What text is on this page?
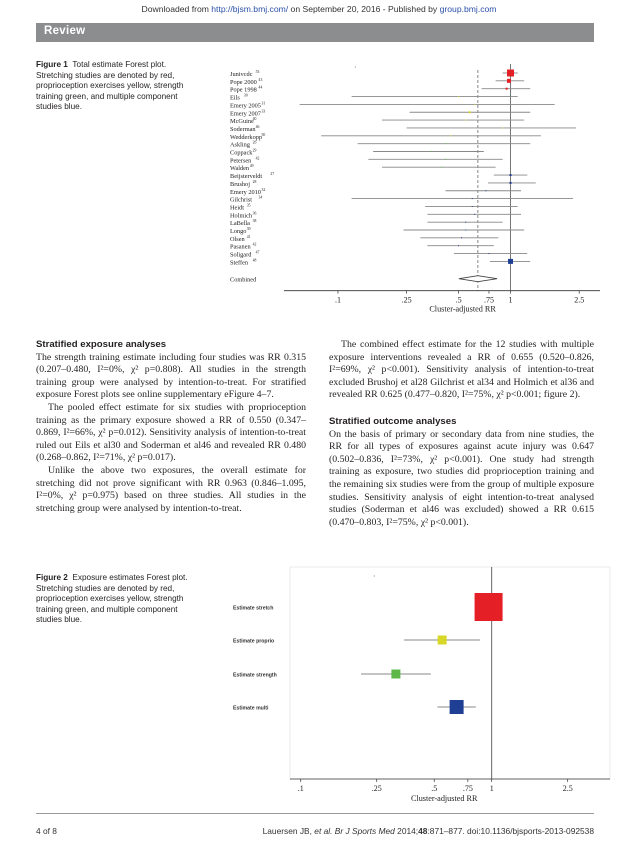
Downloaded from http://bjsm.bmj.com/ on September 20, 2016 - Published by group.bmj.com
Review
Figure 1 Total estimate Forest plot. Stretching studies are denoted by red, proprioception exercises yellow, strength training green, and multiple component studies blue.
·
Junivcdc 53
Pope 2000 43
Pope 1998 44
Eils 30
Emery 2005 31
Emery 2007 33
McGuine
40
Soderman 46
Wedderkopp 50
Askling 26
Coppack 29
Petersen 42
Walden 49
Beijsterveldt 27
Brushoj 28
Emery 2010 32
Gilchrist 34
Heidt 35
Holmich 36
LaBella 38
Longo 39
Olsen 41
Pasanen 42
Soligard 47
Steffen 48
Combined
.1	.25	.5	.75 1	2.5
Cluster-adjusted RR

Stratified exposure analyses

The strength training estimate including four studies was RR 0.315 (0.207–0.480, I²=0%, χ² p=0.808). All studies in the strength training group were analysed by intention-to-treat. For stratified exposure Forest plots see online supplementary eFigure 4–7.

The pooled effect estimate for six studies with proprioception training as the primary exposure showed a RR of 0.550 (0.347–0.869, I²=66%, χ² p=0.012). Sensitivity analysis of intention-to-treat ruled out Eils et al30 and Soderman et al46 and revealed RR 0.480 (0.268–0.862, I²=71%, χ² p=0.017).

Unlike the above two exposures, the overall estimate for stretching did not prove significant with RR 0.963 (0.846–1.095, I²=0%, χ² p=0.975) based on three studies. All studies in the stretching group were analysed by intention-to-treat.

The combined effect estimate for the 12 studies with multiple exposure interventions revealed a RR of 0.655 (0.520–0.826, I²=69%, χ² p<0.001). Sensitivity analysis of intention-to-treat excluded Brushoj et al28 Gilchrist et al34 and Holmich et al36 and revealed RR 0.625 (0.477–0.820, I²=75%, χ² p<0.001; figure 2).

Stratified outcome analyses

On the basis of primary or secondary data from nine studies, the RR for all types of exposures against acute injury was 0.647 (0.502–0.836, I²=73%, χ² p<0.001). One study had strength training as exposure, two studies did proprioception training and the remaining six studies were from the group of multiple exposure studies. Sensitivity analysis of eight intention-to-treat analysed studies (Soderman et al46 was excluded) showed a RR 0.615 (0.470–0.803, I²=75%, χ² p<0.001).

Figure 2 Exposure estimates Forest plot. Stretching studies are denoted by red, proprioception exercises yellow, strength training green, and multiple component studies blue.
·
Estimate stretch
Estimate proprio
Estimate strength
Estimate multi
.1	.25	.5	.75 1	2.5
Cluster-adjusted RR
4 of 8	Lauersen JB, et al. Br J Sports Med 2014;48:871–877. doi:10.1136/bjsports-2013-092538
